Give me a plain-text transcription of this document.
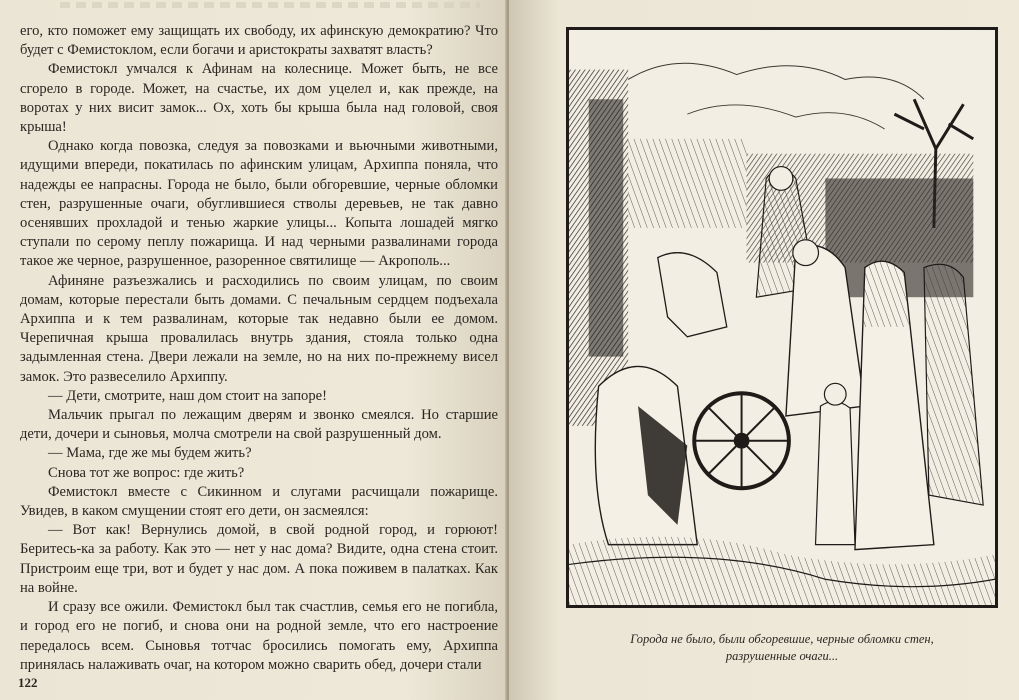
его, кто поможет ему защищать их свободу, их афинскую демократию? Что будет с Фемистоклом, если богачи и аристократы захватят власть?

Фемистокл умчался к Афинам на колеснице. Может быть, не все сгорело в городе. Может, на счастье, их дом уцелел и, как прежде, на воротах у них висит замок... Ох, хоть бы крыша была над головой, своя крыша!

Однако когда повозка, следуя за повозками и вьючными животными, идущими впереди, покатилась по афинским улицам, Архиппа поняла, что надежды ее напрасны. Города не было, были обгоревшие, черные обломки стен, разрушенные очаги, обуглившиеся стволы деревьев, не так давно осенявших прохладой и тенью жаркие улицы... Копыта лошадей мягко ступали по серому пеплу пожарища. И над черными развалинами города такое же черное, разрушенное, разоренное святилище — Акрополь...

Афиняне разъезжались и расходились по своим улицам, по своим домам, которые перестали быть домами. С печальным сердцем подъехала Архиппа и к тем развалинам, которые так недавно были ее домом. Черепичная крыша провалилась внутрь здания, стояла только одна задымленная стена. Двери лежали на земле, но на них по-прежнему висел замок. Это развеселило Архиппу.

— Дети, смотрите, наш дом стоит на запоре!

Мальчик прыгал по лежащим дверям и звонко смеялся. Но старшие дети, дочери и сыновья, молча смотрели на свой разрушенный дом.

— Мама, где же мы будем жить?

Снова тот же вопрос: где жить?

Фемистокл вместе с Сикинном и слугами расчищали пожарище. Увидев, в каком смущении стоят его дети, он засмеялся:

— Вот как! Вернулись домой, в свой родной город, и горюют! Беритесь-ка за работу. Как это — нет у нас дома? Видите, одна стена стоит. Пристроим еще три, вот и будет у нас дом. А пока поживем в палатках. Как на войне.

И сразу все ожили. Фемистокл был так счастлив, семья его не погибла, и город его не погиб, и снова они на родной земле, что его настроение передалось всем. Сыновья тотчас бросились помогать ему, Архиппа принялась налаживать очаг, на котором можно сварить обед, дочери стали

122
Города не было, были обгоревшие, черные обломки стен,
разрушенные очаги...
